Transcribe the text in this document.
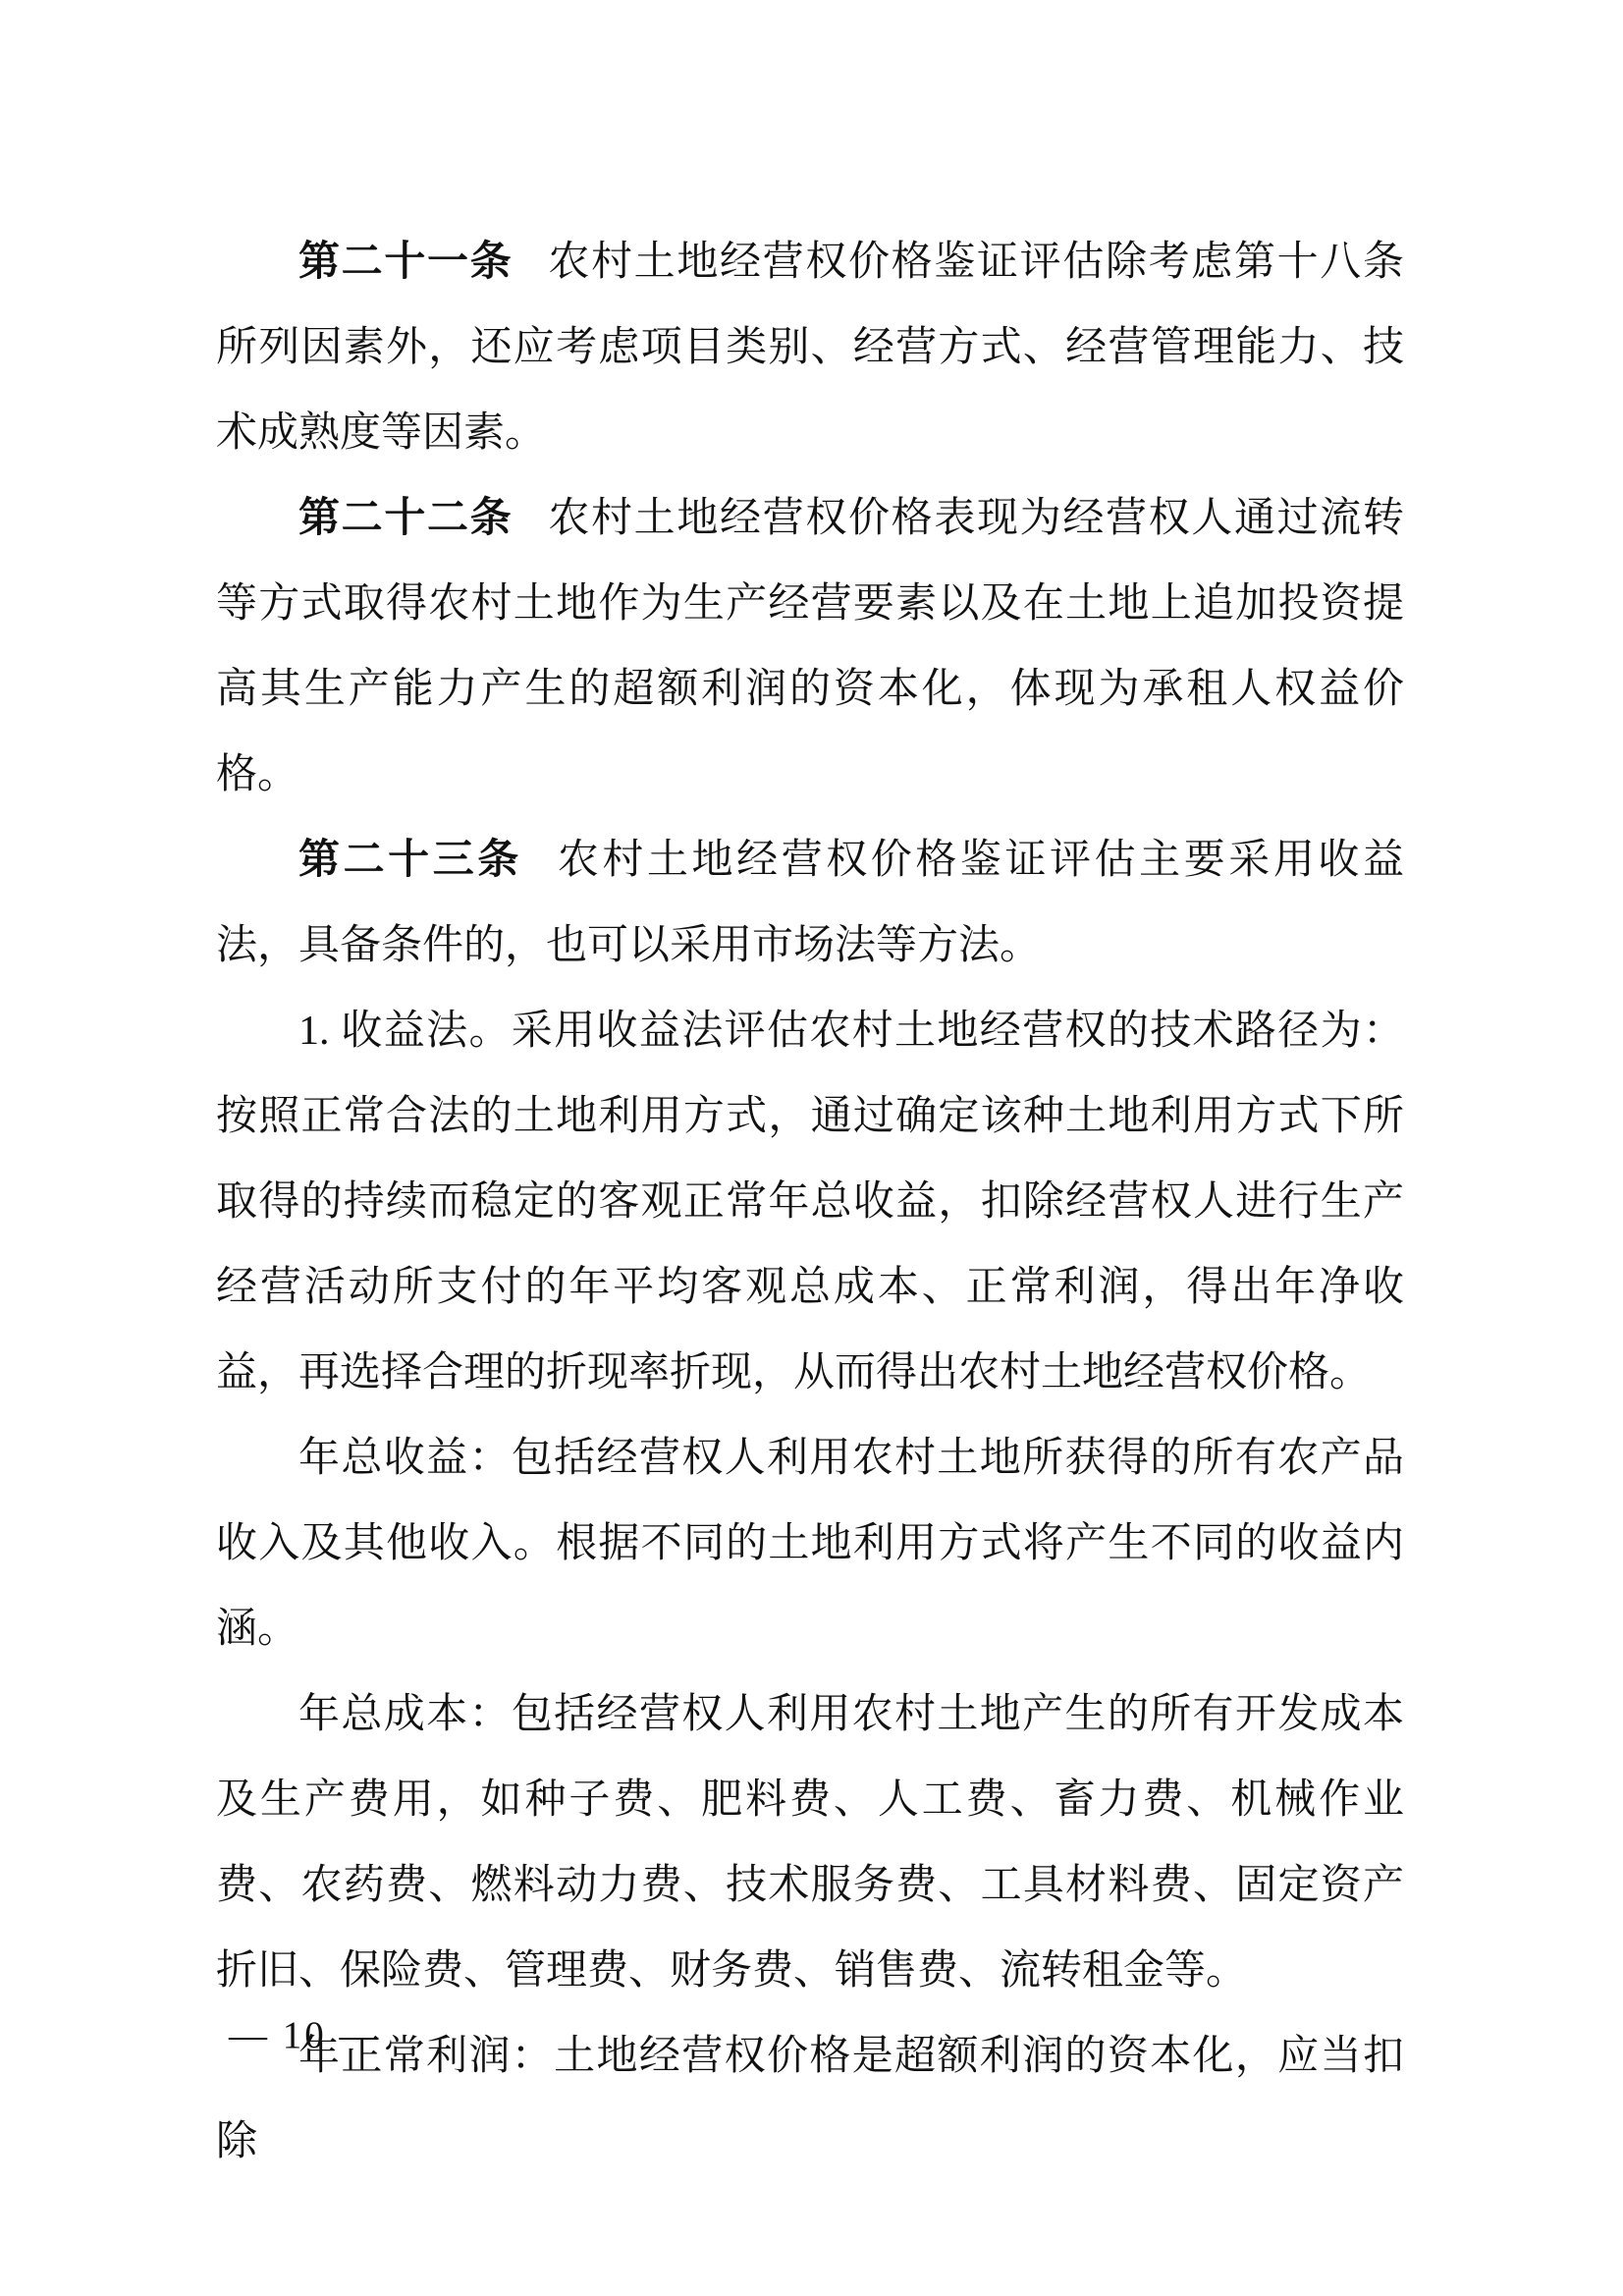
第二十一条 农村土地经营权价格鉴证评估除考虑第十八条所列因素外，还应考虑项目类别、经营方式、经营管理能力、技术成熟度等因素。

第二十二条 农村土地经营权价格表现为经营权人通过流转等方式取得农村土地作为生产经营要素以及在土地上追加投资提高其生产能力产生的超额利润的资本化，体现为承租人权益价格。

第二十三条 农村土地经营权价格鉴证评估主要采用收益法，具备条件的，也可以采用市场法等方法。

1. 收益法。采用收益法评估农村土地经营权的技术路径为：按照正常合法的土地利用方式，通过确定该种土地利用方式下所取得的持续而稳定的客观正常年总收益，扣除经营权人进行生产经营活动所支付的年平均客观总成本、正常利润，得出年净收益，再选择合理的折现率折现，从而得出农村土地经营权价格。

年总收益：包括经营权人利用农村土地所获得的所有农产品收入及其他收入。根据不同的土地利用方式将产生不同的收益内涵。

年总成本：包括经营权人利用农村土地产生的所有开发成本及生产费用，如种子费、肥料费、人工费、畜力费、机械作业费、农药费、燃料动力费、技术服务费、工具材料费、固定资产折旧、保险费、管理费、财务费、销售费、流转租金等。

年正常利润：土地经营权价格是超额利润的资本化，应当扣除

— 10 —
